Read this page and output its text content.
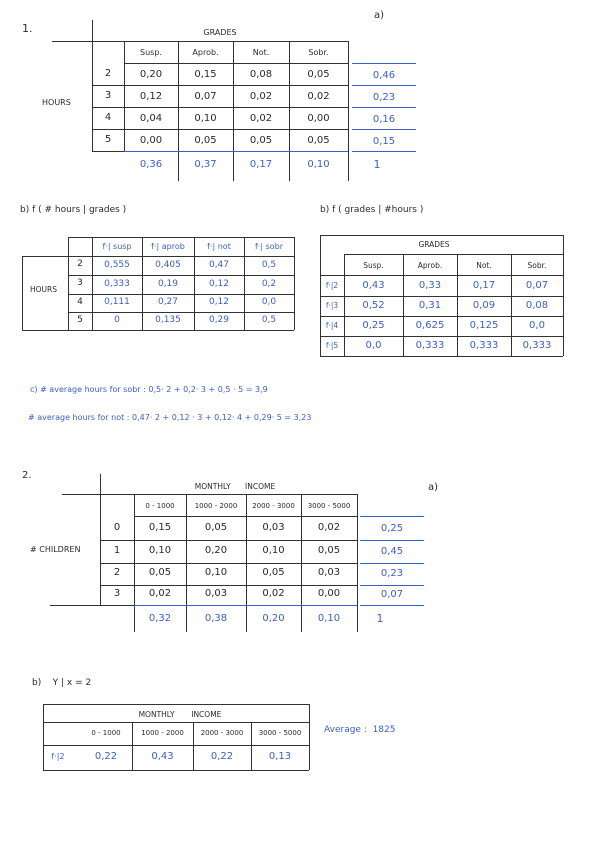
1.
a)
GRADES
HOURS
Susp.	Aprob.	Not.	Sobr.
2	0,20	0,15	0,08	0,05	0,46
3	0,12	0,07	0,02	0,02	0,23
4	0,04	0,10	0,02	0,00	0,16
5	0,00	0,05	0,05	0,05	0,15
0,36	0,37	0,17	0,10	1
b) f ( # hours | grades )
HOURS
f·| susp	f·| aprob	f·| not	f·| sobr
2	0,555	0,405	0,47	0,5
3	0,333	0,19	0,12	0,2
4	0,111	0,27	0,12	0,0
5	0	0,135	0,29	0,5
b) f ( grades | #hours )
GRADES
Susp.	Aprob.	Not.	Sobr.
f·|2	0,43	0,33	0,17	0,07
f·|3	0,52	0,31	0,09	0,08
f·|4	0,25	0,625	0,125	0,0
f·|5	0,0	0,333	0,333	0,333
c) # average hours for sobr : 0,5· 2 + 0,2· 3 + 0,5 · 5 = 3,9
# average hours for not : 0,47· 2 + 0,12 · 3 + 0,12· 4 + 0,29· 5 = 3,23
2.
a)
MONTHLY      INCOME
# CHILDREN
0 - 1000	1000 - 2000	2000 - 3000	3000 - 5000
0	0,15	0,05	0,03	0,02	0,25
1	0,10	0,20	0,10	0,05	0,45
2	0,05	0,10	0,05	0,03	0,23
3	0,02	0,03	0,02	0,00	0,07
0,32	0,38	0,20	0,10	1
b)    Y | x = 2
MONTHLY       INCOME
0 - 1000	1000 - 2000	2000 - 3000	3000 - 5000
f·|2	0,22	0,43	0,22	0,13
Average :  1825
